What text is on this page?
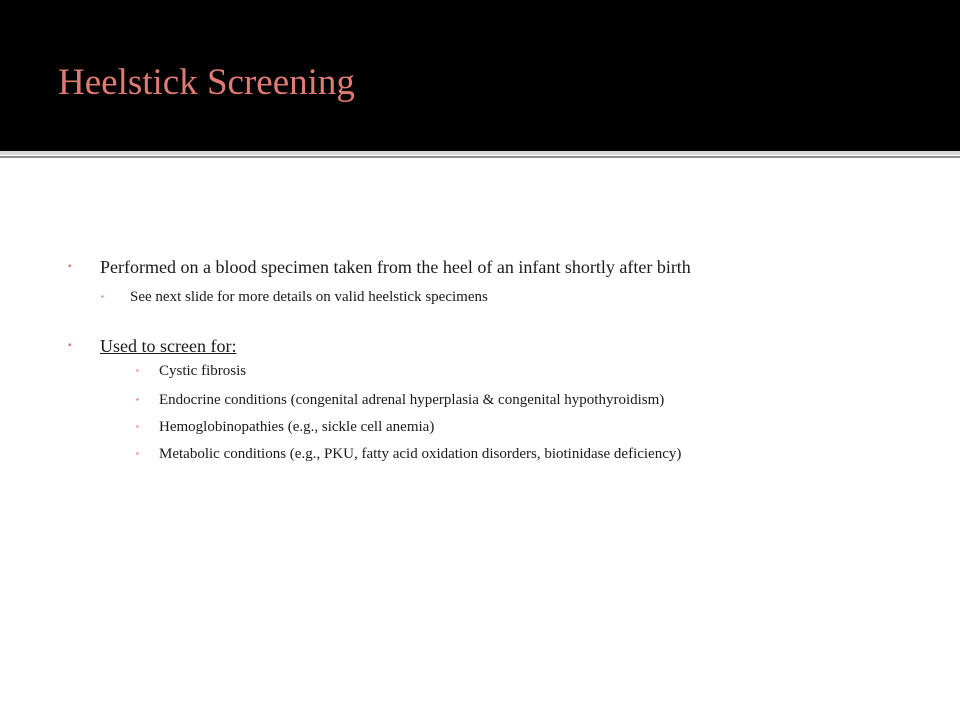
Heelstick Screening
▪ Performed on a blood specimen taken from the heel of an infant shortly after birth
▪ See next slide for more details on valid heelstick specimens
▪ Used to screen for:
▪ Cystic fibrosis
▪ Endocrine conditions (congenital adrenal hyperplasia & congenital hypothyroidism)
▪ Hemoglobinopathies (e.g., sickle cell anemia)
▪ Metabolic conditions (e.g., PKU, fatty acid oxidation disorders, biotinidase deficiency)
